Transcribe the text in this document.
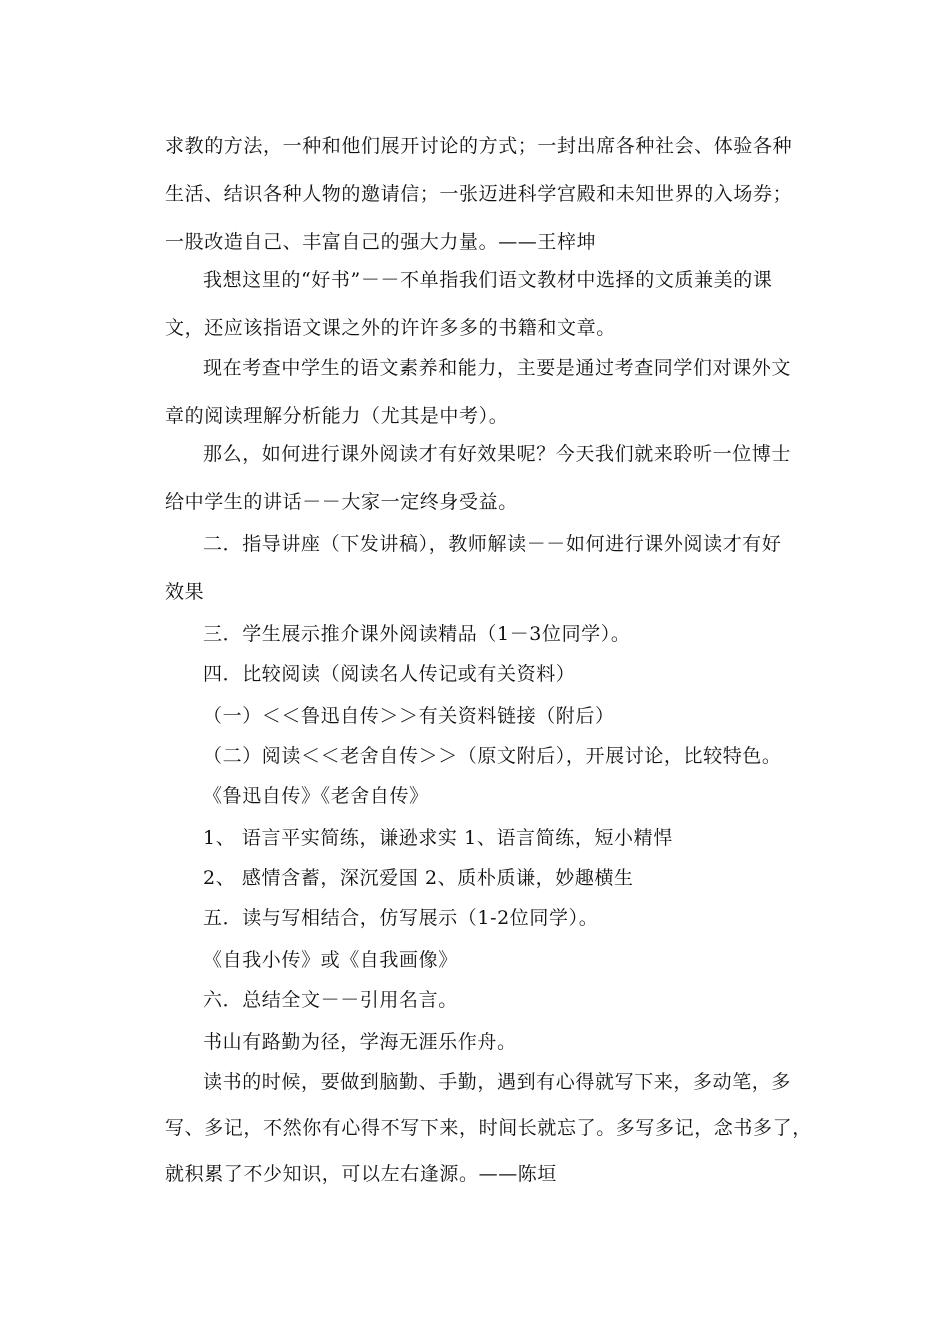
求教的方法，一种和他们展开讨论的方式；一封出席各种社会、体验各种
生活、结识各种人物的邀请信；一张迈进科学宫殿和未知世界的入场券；
一股改造自己、丰富自己的强大力量。——王梓坤
我想这里的“好书”－－不单指我们语文教材中选择的文质兼美的课
文，还应该指语文课之外的许许多多的书籍和文章。
现在考查中学生的语文素养和能力，主要是通过考查同学们对课外文
章的阅读理解分析能力（尤其是中考）。
那么，如何进行课外阅读才有好效果呢？今天我们就来聆听一位博士
给中学生的讲话－－大家一定终身受益。
二．指导讲座（下发讲稿），教师解读－－如何进行课外阅读才有好
效果
三．学生展示推介课外阅读精品（1－3位同学）。
四．比较阅读（阅读名人传记或有关资料）
（一）＜＜鲁迅自传＞＞有关资料链接（附后）
（二）阅读＜＜老舍自传＞＞（原文附后），开展讨论，比较特色。
《鲁迅自传》《老舍自传》
1、 语言平实简练，谦逊求实 1、语言简练，短小精悍
2、 感情含蓄，深沉爱国 2、质朴质谦，妙趣横生
五．读与写相结合，仿写展示（1-2位同学）。
《自我小传》或《自我画像》
六．总结全文－－引用名言。
书山有路勤为径，学海无涯乐作舟。
读书的时候，要做到脑勤、手勤，遇到有心得就写下来，多动笔，多
写、多记，不然你有心得不写下来，时间长就忘了。多写多记，念书多了，
就积累了不少知识，可以左右逢源。——陈垣
